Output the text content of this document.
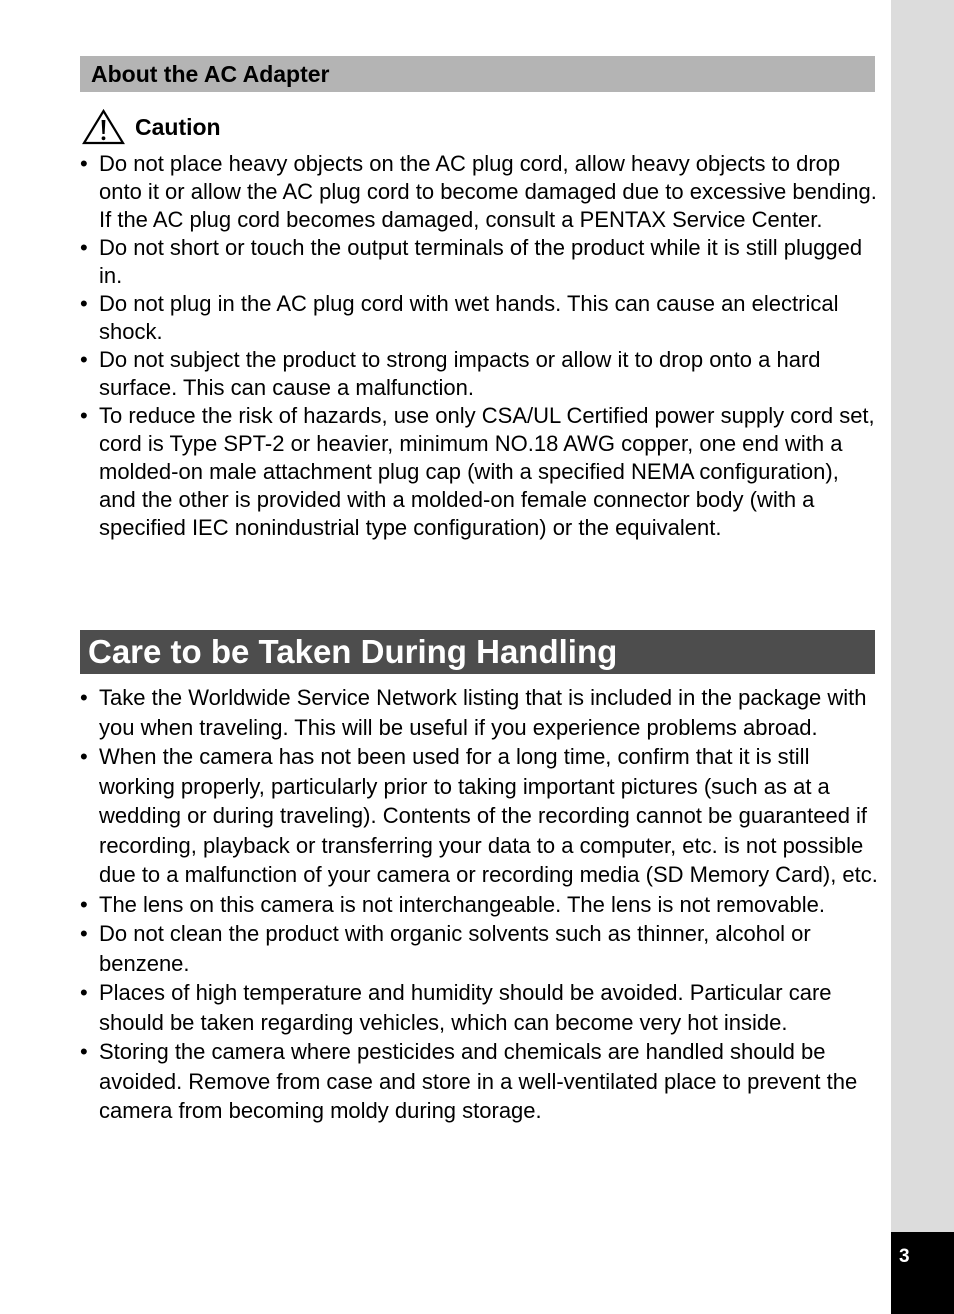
3
About the AC Adapter
Caution
• Do not place heavy objects on the AC plug cord, allow heavy objects to drop onto it or allow the AC plug cord to become damaged due to excessive bending. If the AC plug cord becomes damaged, consult a PENTAX Service Center.
• Do not short or touch the output terminals of the product while it is still plugged in.
• Do not plug in the AC plug cord with wet hands. This can cause an electrical shock.
• Do not subject the product to strong impacts or allow it to drop onto a hard surface. This can cause a malfunction.
• To reduce the risk of hazards, use only CSA/UL Certified power supply cord set, cord is Type SPT-2 or heavier, minimum NO.18 AWG copper, one end with a molded-on male attachment plug cap (with a specified NEMA configuration), and the other is provided with a molded-on female connector body (with a specified IEC nonindustrial type configuration) or the equivalent.
Care to be Taken During Handling
• Take the Worldwide Service Network listing that is included in the package with you when traveling. This will be useful if you experience problems abroad.
• When the camera has not been used for a long time, confirm that it is still working properly, particularly prior to taking important pictures (such as at a wedding or during traveling). Contents of the recording cannot be guaranteed if recording, playback or transferring your data to a computer, etc. is not possible due to a malfunction of your camera or recording media (SD Memory Card), etc.
• The lens on this camera is not interchangeable. The lens is not removable.
• Do not clean the product with organic solvents such as thinner, alcohol or benzene.
• Places of high temperature and humidity should be avoided. Particular care should be taken regarding vehicles, which can become very hot inside.
• Storing the camera where pesticides and chemicals are handled should be avoided. Remove from case and store in a well-ventilated place to prevent the camera from becoming moldy during storage.
